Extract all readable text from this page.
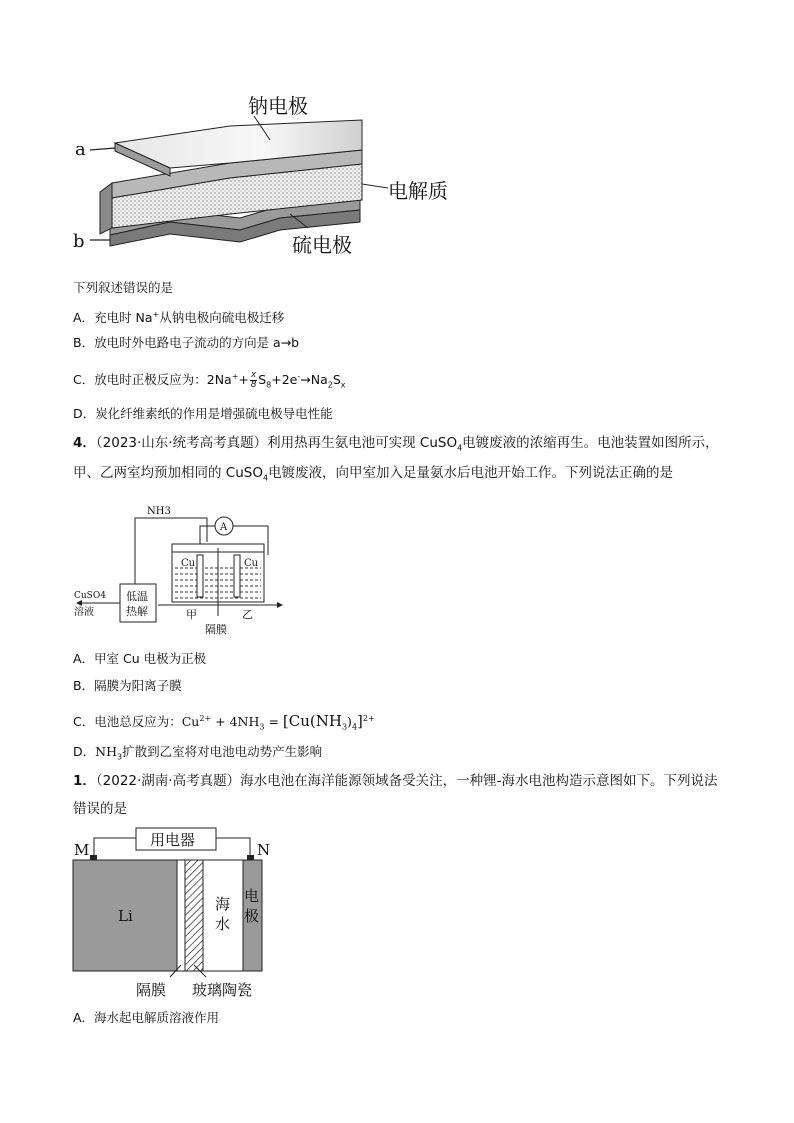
钠电极
电解质
硫电极
a
b
下列叙述错误的是
A．充电时 Na+从钠电极向硫电极迁移
B．放电时外电路电子流动的方向是 a→b
C．放电时正极反应为：$2Na^++ \frac{x}{8} S_8+2e^-\to Na_2S_x$
D．炭化纤维素纸的作用是增强硫电极导电性能
4．（2023·山东·统考高考真题）利用热再生氨电池可实现 CuSO$_4$电镀废液的浓缩再生。电池装置如图所示，
甲、乙两室均预加相同的 CuSO$_4$电镀废液，向甲室加入足量氨水后电池开始工作。下列说法正确的是
NH3
A
Cu	Cu
低温
热解
CuSO4
溶液	甲	乙
隔膜
A．甲室 Cu 电极为正极
B．隔膜为阳离子膜
C．电池总反应为：$Cu^{2+} + 4NH_3 = [Cu(NH_3)_4]^{2+}$
D．$NH_3$扩散到乙室将对电池电动势产生影响
1．（2022·湖南·高考真题）海水电池在海洋能源领域备受关注，一种锂-海水电池构造示意图如下。下列说法
错误的是
用电器
M	N
Li
海
水
电
极
隔膜 玻璃陶瓷
A．海水起电解质溶液作用
